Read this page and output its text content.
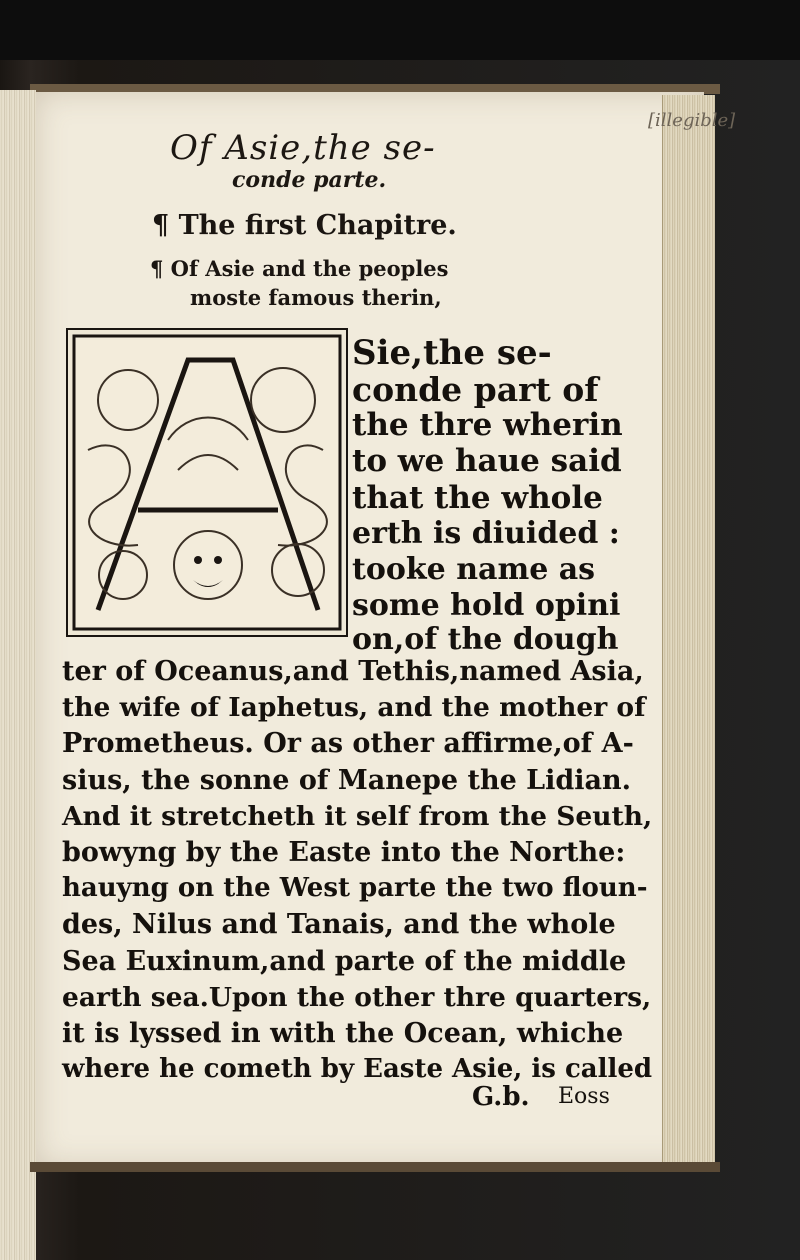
[illegible]
Of Asie,the se-
conde parte.
¶ The first Chapitre.
¶ Of Asie and the peoples
moste famous therin,
Sie,the se-
conde part of
the thre wherin
to we haue said
that the whole
erth is diuided :
tooke name as
some hold opini
on,of the dough
ter of Oceanus,and Tethis,named Asia,
the wife of Iaphetus, and the mother of
Prometheus. Or as other affirme,of A-
sius, the sonne of Manepe the Lidian.
And it stretcheth it self from the Seuth,
bowyng by the Easte into the Northe:
hauyng on the West parte the two floun-
des, Nilus and Tanais, and the whole
Sea Euxinum,and parte of the middle
earth sea.Upon the other thre quarters,
it is lyssed in with the Ocean, whiche
where he cometh by Easte Asie, is called
G.b. Eoss
